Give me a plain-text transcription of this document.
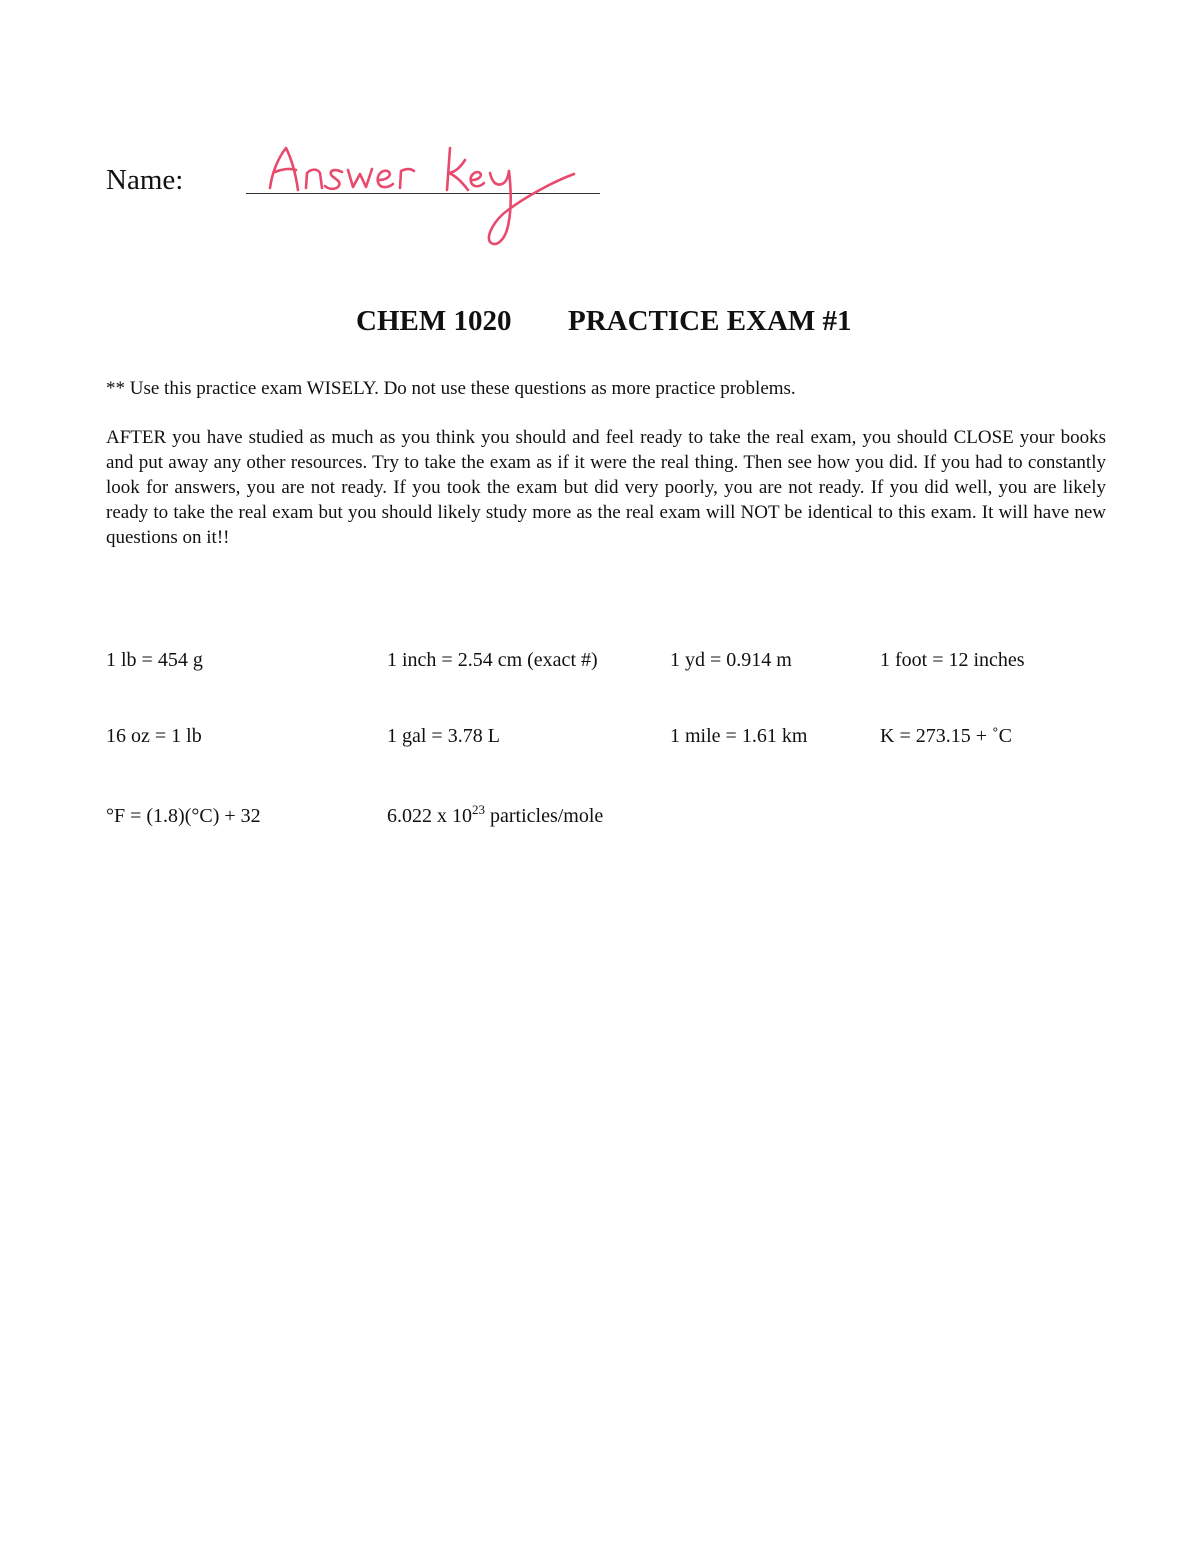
Name:
CHEM 1020 PRACTICE EXAM #1
** Use this practice exam WISELY. Do not use these questions as more practice problems.
AFTER you have studied as much as you think you should and feel ready to take the real exam, you should CLOSE your books and put away any other resources. Try to take the exam as if it were the real thing. Then see how you did. If you had to constantly look for answers, you are not ready. If you took the exam but did very poorly, you are not ready. If you did well, you are likely ready to take the real exam but you should likely study more as the real exam will NOT be identical to this exam. It will have new questions on it!!
1 lb = 454 g	1 inch = 2.54 cm (exact #)	1 yd = 0.914 m	1 foot = 12 inches
16 oz = 1 lb	1 gal = 3.78 L	1 mile = 1.61 km	K = 273.15 + ˚C
°F = (1.8)(°C) + 32	6.022 x $10^{23}$ particles/mole
